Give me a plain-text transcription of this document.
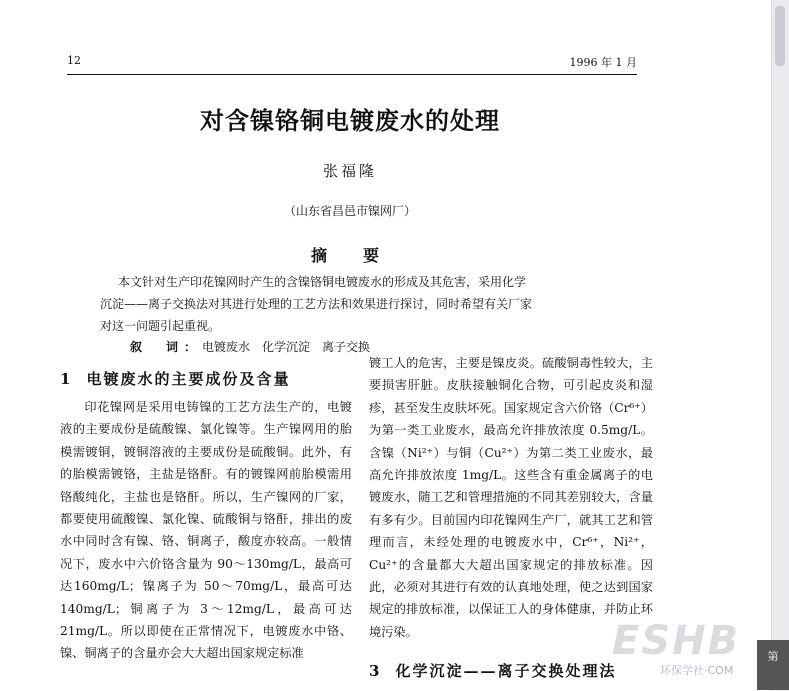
12	1996 年 1 月
对含镍铬铜电镀废水的处理
张福隆
（山东省昌邑市镍网厂）
摘　要
本文针对生产印花镍网时产生的含镍铬铜电镀废水的形成及其危害，采用化学
沉淀——离子交换法对其进行处理的工艺方法和效果进行探讨，同时希望有关厂家
对这一问题引起重视。
叙　词：电镀废水　化学沉淀　离子交换
1 电镀废水的主要成份及含量

印花镍网是采用电铸镍的工艺方法生产的，电镀液的主要成份是硫酸镍、氯化镍等。生产镍网用的胎模需镀铜，镀铜溶液的主要成份是硫酸铜。此外，有的胎模需镀铬，主盐是铬酐。有的镀镍网前胎模需用铬酸纯化，主盐也是铬酐。所以，生产镍网的厂家，都要使用硫酸镍、氯化镍、硫酸铜与铬酐，排出的废水中同时含有镍、铬、铜离子，酸度亦较高。一般情况下，废水中六价铬含量为 90～130mg/L，最高可达160mg/L；镍离子为 50～70mg/L，最高可达140mg/L；铜离子为 3～12mg/L，最高可达21mg/L。所以即使在正常情况下，电镀废水中铬、镍、铜离子的含量亦会大大超出国家规定标准

镀工人的危害，主要是镍皮炎。硫酸铜毒性较大，主要损害肝脏。皮肤接触铜化合物，可引起皮炎和湿疹，甚至发生皮肤坏死。国家规定含六价铬（Cr⁶⁺）为第一类工业废水，最高允许排放浓度 0.5mg/L。含镍（Ni²⁺）与铜（Cu²⁺）为第二类工业废水，最高允许排放浓度 1mg/L。这些含有重金属离子的电镀废水，随工艺和管理措施的不同其差别较大，含量有多有少。目前国内印花镍网生产厂，就其工艺和管理而言，未经处理的电镀废水中，Cr⁶⁺，Ni²⁺，Cu²⁺的含量都大大超出国家规定的排放标准。因此，必须对其进行有效的认真地处理，使之达到国家规定的排放标准，以保证工人的身体健康，并防止环境污染。

3 化学沉淀——离子交换处理法
ESHB
环保学社·COM
第
